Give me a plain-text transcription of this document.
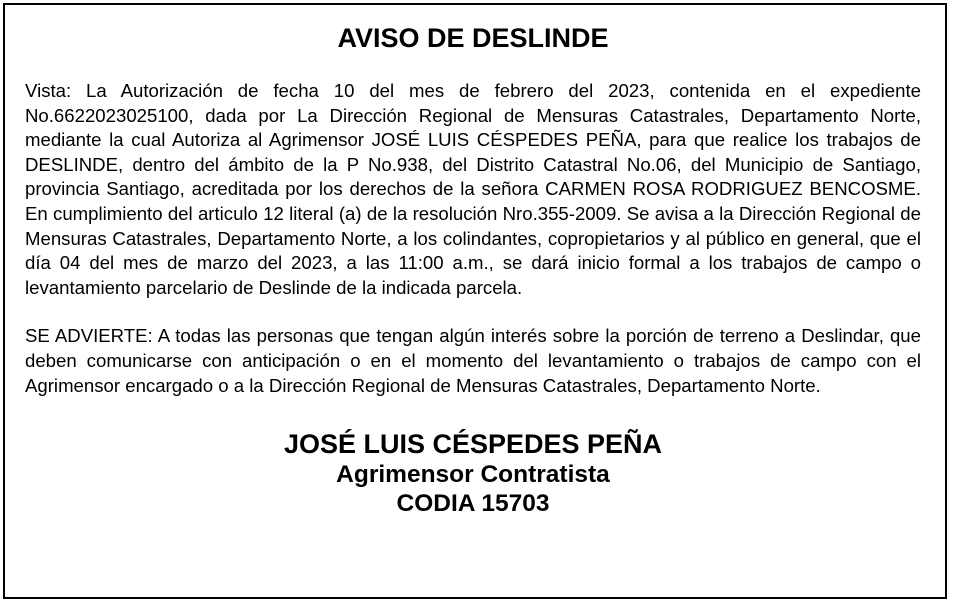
AVISO DE DESLINDE

Vista: La Autorización de fecha 10 del mes de febrero del 2023, contenida en el expediente No.6622023025100, dada por La Dirección Regional de Mensuras Catastrales, Departamento Norte, mediante la cual Autoriza al Agrimensor JOSÉ LUIS CÉSPEDES PEÑA, para que realice los trabajos de DESLINDE, dentro del ámbito de la P No.938, del Distrito Catastral No.06, del Municipio de Santiago, provincia Santiago, acreditada por los derechos de la señora CARMEN ROSA RODRIGUEZ BENCOSME. En cumplimiento del articulo 12 literal (a) de la resolución Nro.355-2009. Se avisa a la Dirección Regional de Mensuras Catastrales, Departamento Norte, a los colindantes, copropietarios y al público en general, que el día 04 del mes de marzo del 2023, a las 11:00 a.m., se dará inicio formal a los trabajos de campo o levantamiento parcelario de Deslinde de la indicada parcela.

SE ADVIERTE: A todas las personas que tengan algún interés sobre la porción de terreno a Deslindar, que deben comunicarse con anticipación o en el momento del levantamiento o trabajos de campo con el Agrimensor encargado o a la Dirección Regional de Mensuras Catastrales, Departamento Norte.

JOSÉ LUIS CÉSPEDES PEÑA
Agrimensor Contratista
CODIA 15703
